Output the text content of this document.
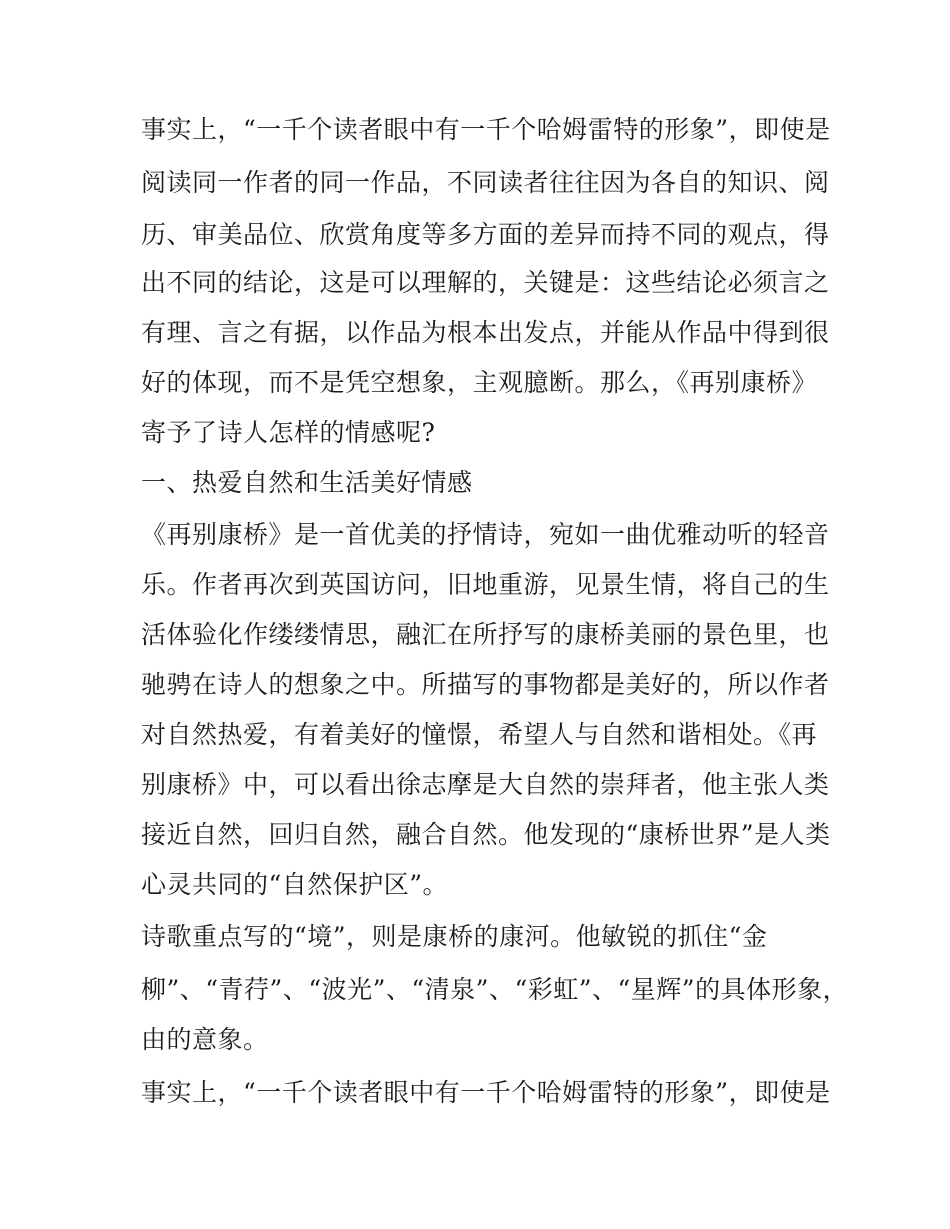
事实上，“一千个读者眼中有一千个哈姆雷特的形象”，即使是
阅读同一作者的同一作品，不同读者往往因为各自的知识、阅
历、审美品位、欣赏角度等多方面的差异而持不同的观点，得
出不同的结论，这是可以理解的，关键是：这些结论必须言之
有理、言之有据，以作品为根本出发点，并能从作品中得到很
好的体现，而不是凭空想象，主观臆断。那么，《再别康桥》
寄予了诗人怎样的情感呢?
一、热爱自然和生活美好情感
《再别康桥》是一首优美的抒情诗，宛如一曲优雅动听的轻音
乐。作者再次到英国访问，旧地重游，见景生情，将自己的生
活体验化作缕缕情思，融汇在所抒写的康桥美丽的景色里，也
驰骋在诗人的想象之中。所描写的事物都是美好的，所以作者
对自然热爱，有着美好的憧憬，希望人与自然和谐相处。《再
别康桥》中，可以看出徐志摩是大自然的崇拜者，他主张人类
接近自然，回归自然，融合自然。他发现的“康桥世界”是人类
心灵共同的“自然保护区”。
诗歌重点写的“境”，则是康桥的康河。他敏锐的抓住“金
柳”、“青荇”、“波光”、“清泉”、“彩虹”、“星辉”的具体形象，
由的意象。
事实上，“一千个读者眼中有一千个哈姆雷特的形象”，即使是
